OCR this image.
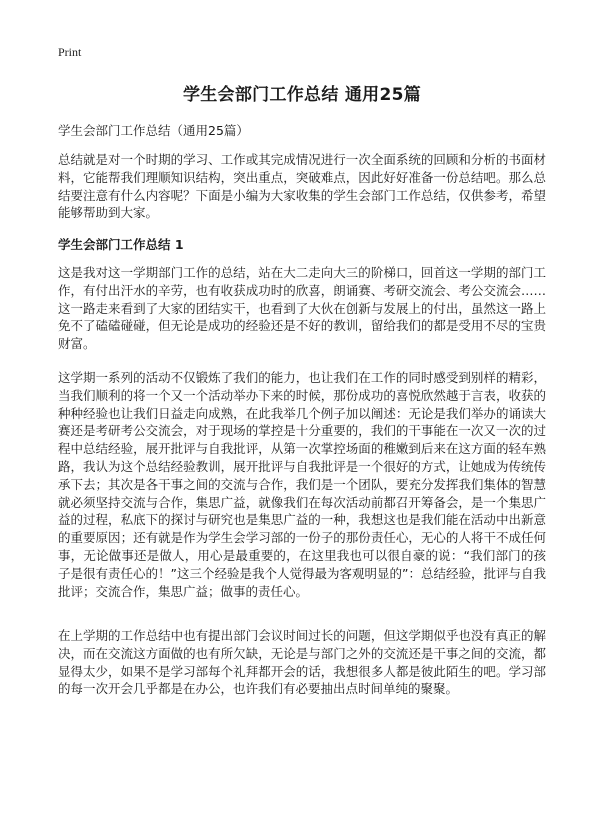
Print
学生会部门工作总结 通用25篇
学生会部门工作总结（通用25篇）

总结就是对一个时期的学习、工作或其完成情况进行一次全面系统的回顾和分析的书面材料，它能帮我们理顺知识结构，突出重点，突破难点，因此好好准备一份总结吧。那么总结要注意有什么内容呢？下面是小编为大家收集的学生会部门工作总结，仅供参考，希望能够帮助到大家。

学生会部门工作总结 1

这是我对这一学期部门工作的总结，站在大二走向大三的阶梯口，回首这一学期的部门工作，有付出汗水的辛劳，也有收获成功时的欣喜，朗诵赛、考研交流会、考公交流会……这一路走来看到了大家的团结实干，也看到了大伙在创新与发展上的付出，虽然这一路上免不了磕磕碰碰，但无论是成功的经验还是不好的教训，留给我们的都是受用不尽的宝贵财富。

这学期一系列的活动不仅锻炼了我们的能力，也让我们在工作的同时感受到别样的精彩，当我们顺利的将一个又一个活动举办下来的时候，那份成功的喜悦欣然越于言表，收获的种种经验也让我们日益走向成熟，在此我举几个例子加以阐述：无论是我们举办的诵读大赛还是考研考公交流会，对于现场的掌控是十分重要的，我们的干事能在一次又一次的过程中总结经验，展开批评与自我批评，从第一次掌控场面的稚嫩到后来在这方面的轻车熟路，我认为这个总结经验教训，展开批评与自我批评是一个很好的方式，让她成为传统传承下去；其次是各干事之间的交流与合作，我们是一个团队，要充分发挥我们集体的智慧就必须坚持交流与合作，集思广益，就像我们在每次活动前都召开筹备会，是一个集思广益的过程，私底下的探讨与研究也是集思广益的一种，我想这也是我们能在活动中出新意的重要原因；还有就是作为学生会学习部的一份子的那份责任心，无心的人将干不成任何事，无论做事还是做人，用心是最重要的，在这里我也可以很自豪的说：“我们部门的孩子是很有责任心的！”这三个经验是我个人觉得最为客观明显的”：总结经验，批评与自我批评；交流合作，集思广益；做事的责任心。

在上学期的工作总结中也有提出部门会议时间过长的问题，但这学期似乎也没有真正的解决，而在交流这方面做的也有所欠缺，无论是与部门之外的交流还是干事之间的交流，都显得太少，如果不是学习部每个礼拜都开会的话，我想很多人都是彼此陌生的吧。学习部的每一次开会几乎都是在办公，也许我们有必要抽出点时间单纯的聚聚。
